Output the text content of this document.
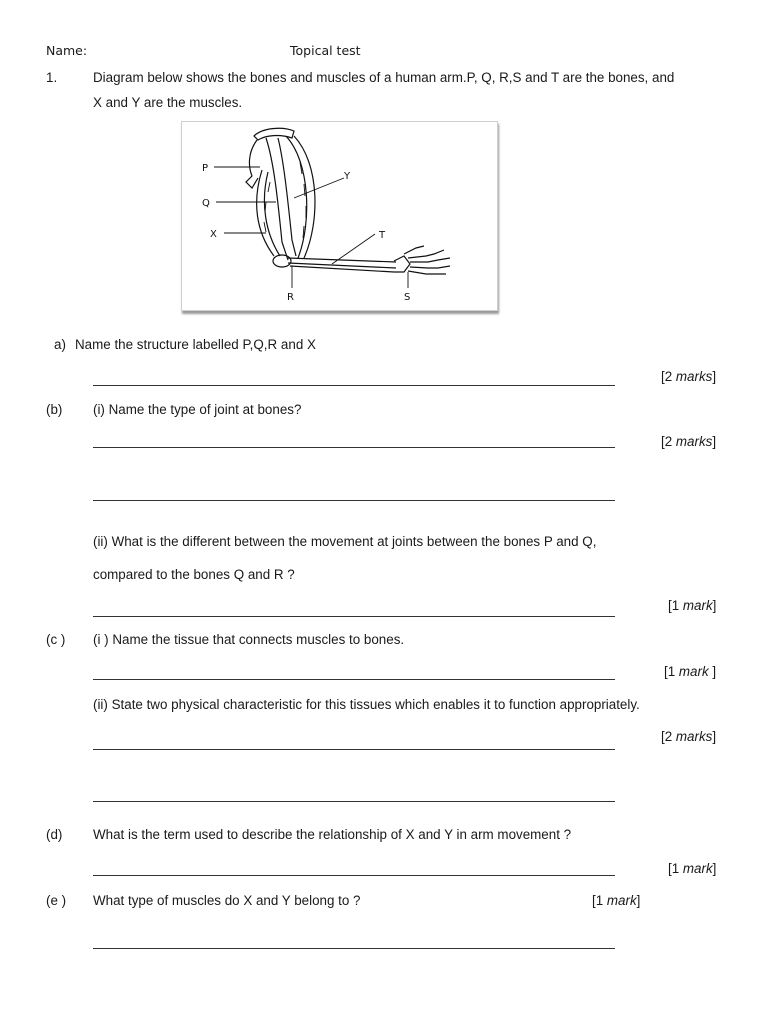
Name:	Topical test
1.	Diagram below shows the bones and muscles of a human arm.P, Q, R,S and T are the bones, and
X and Y are the muscles.
P
Q
X
Y
T
R	S
a) Name the structure labelled P,Q,R and X
[2 marks]
(b) (i) Name the type of joint at bones?
[2 marks]
(ii) What is the different between the movement at joints between the bones P and Q,
compared to the bones Q and R ?
[1 mark]
(c ) (i ) Name the tissue that connects muscles to bones.
[1 mark ]
(ii) State two physical characteristic for this tissues which enables it to function appropriately.
[2 marks]
(d) What is the term used to describe the relationship of X and Y in arm movement ?
[1 mark]
(e ) What type of muscles do X and Y belong to ?	[1 mark]
